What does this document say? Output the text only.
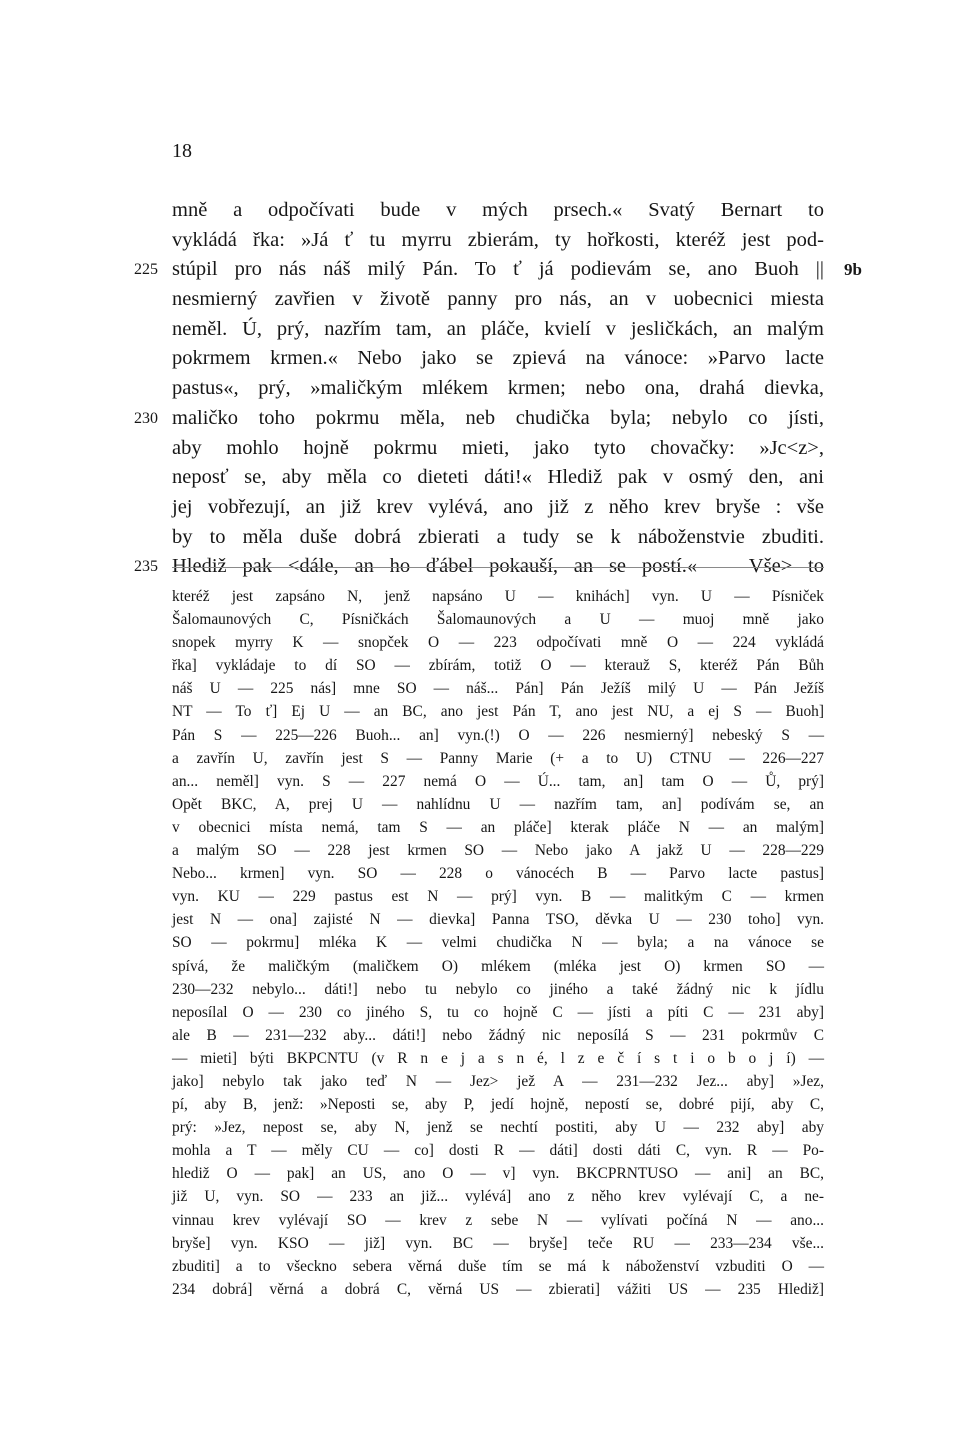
18
mně a odpočívati bude v mých prsech.« Svatý Bernart to
vykládá řka: »Já ť tu myrru zbierám, ty hořkosti, kteréž jest pod-
stúpil pro nás náš milý Pán. To ť já podievám se, ano Buoh ||
225	9b
nesmierný zavřien v životě panny pro nás, an v uobecnici miesta
neměl. Ú, prý, nazřím tam, an pláče, kvielí v jesličkách, an malým
pokrmem krmen.« Nebo jako se zpievá na vánoce: »Parvo lacte
pastus«, prý, »maličkým mlékem krmen; nebo ona, drahá dievka,
maličko toho pokrmu měla, neb chudička byla; nebylo co jísti,
230
aby mohlo hojně pokrmu mieti, jako tyto chovačky: »Jc<z>,
neposť se, aby měla co dieteti dáti!« Hlediž pak v osmý den, ani
jej vobřezují, an již krev vylévá, ano již z něho krev bryše : vše
by to měla duše dobrá zbierati a tudy se k náboženstvie zbuditi.
Hlediž pak <dále, an ho ďábel pokauší, an se postí.« — Vše> to
235
kteréž jest zapsáno N, jenž napsáno U — knihách] vyn. U — Písniček
Šalomaunových C, Písničkách Šalomaunových a U — muoj mně jako
snopek myrry K — snopček O — 223 odpočívati mně O — 224 vykládá
řka] vykládaje to dí SO — zbírám, totiž O — kterauž S, kteréž Pán Bůh
náš U — 225 nás] mne SO — náš... Pán] Pán Ježíš milý U — Pán Ježíš
NT — To ť] Ej U — an BC, ano jest Pán T, ano jest NU, a ej S — Buoh]
Pán S — 225—226 Buoh... an] vyn.(!) O — 226 nesmierný] nebeský S —
a zavřín U, zavřín jest S — Panny Marie (+ a to U) CTNU — 226—227
an... neměl] vyn. S — 227 nemá O — Ú... tam, an] tam O — Ů, prý]
Opět BKC, A, prej U — nahlídnu U — nazřím tam, an] podívám se, an
v obecnici místa nemá, tam S — an pláče] kterak pláče N — an malým]
a malým SO — 228 jest krmen SO — Nebo jako A jakž U — 228—229
Nebo... krmen] vyn. SO — 228 o vánocéch B — Parvo lacte pastus]
vyn. KU — 229 pastus est N — prý] vyn. B — malitkým C — krmen
jest N — ona] zajisté N — dievka] Panna TSO, děvka U — 230 toho] vyn.
SO — pokrmu] mléka K — velmi chudička N — byla; a na vánoce se
spívá, že maličkým (maličkem O) mlékem (mléka jest O) krmen SO —
230—232 nebylo... dáti!] nebo tu nebylo co jiného a také žádný nic k jídlu
neposílal O — 230 co jiného S, tu co hojně C — jísti a píti C — 231 aby]
ale B — 231—232 aby... dáti!] nebo žádný nic neposílá S — 231 pokrmův C
— mieti] býti BKPCNTU (v R n e j a s n é, l z e č í s t i o b o j í) —
jako] nebylo tak jako teď N — Jez> jež A — 231—232 Jez... aby] »Jez,
pí, aby B, jenž: »Neposti se, aby P, jedí hojně, nepostí se, dobré pijí, aby C,
prý: »Jez, nepost se, aby N, jenž se nechtí postiti, aby U — 232 aby] aby
mohla a T — měly CU — co] dosti R — dáti] dosti dáti C, vyn. R — Po-
hlediž O — pak] an US, ano O — v] vyn. BKCPRNTUSO — ani] an BC,
již U, vyn. SO — 233 an již... vylévá] ano z něho krev vylévají C, a ne-
vinnau krev vylévají SO — krev z sebe N — vylívati počíná N — ano...
bryše] vyn. KSO — již] vyn. BC — bryše] teče RU — 233—234 vše...
zbuditi] a to všeckno sebera věrná duše tím se má k náboženství vzbuditi O —
234 dobrá] věrná a dobrá C, věrná US — zbierati] vážiti US — 235 Hlediž]
